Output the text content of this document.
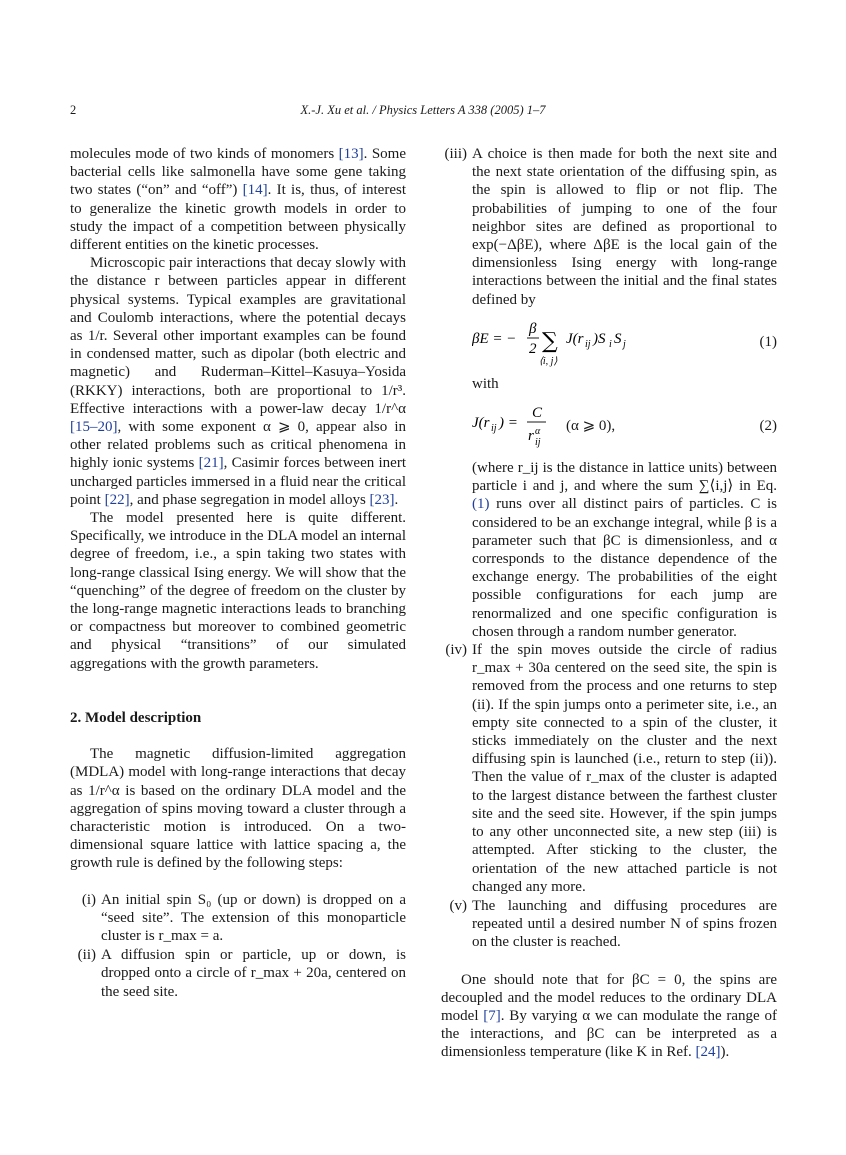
2	X.-J. Xu et al. / Physics Letters A 338 (2005) 1–7

molecules mode of two kinds of monomers [13]. Some bacterial cells like salmonella have some gene taking two states (“on” and “off”) [14]. It is, thus, of interest to generalize the kinetic growth models in order to study the impact of a competition between physically different entities on the kinetic processes.

Microscopic pair interactions that decay slowly with the distance r between particles appear in different physical systems. Typical examples are gravitational and Coulomb interactions, where the potential decays as 1/r. Several other important examples can be found in condensed matter, such as dipolar (both electric and magnetic) and Ruderman–Kittel–Kasuya–Yosida (RKKY) interactions, both are proportional to 1/r³. Effective interactions with a power-law decay 1/r^α [15–20], with some exponent α ⩾ 0, appear also in other related problems such as critical phenomena in highly ionic systems [21], Casimir forces between inert uncharged particles immersed in a fluid near the critical point [22], and phase segregation in model alloys [23].

The model presented here is quite different. Specifically, we introduce in the DLA model an internal degree of freedom, i.e., a spin taking two states with long-range classical Ising energy. We will show that the “quenching” of the degree of freedom on the cluster by the long-range magnetic interactions leads to branching or compactness but moreover to combined geometric and physical “transitions” of our simulated aggregations with the growth parameters.

2. Model description

The magnetic diffusion-limited aggregation (MDLA) model with long-range interactions that decay as 1/r^α is based on the ordinary DLA model and the aggregation of spins moving toward a cluster through a characteristic motion is introduced. On a two-dimensional square lattice with lattice spacing a, the growth rule is defined by the following steps:

(i) An initial spin S₀ (up or down) is dropped on a “seed site”. The extension of this monoparticle cluster is r_max = a.
(ii) A diffusion spin or particle, up or down, is dropped onto a circle of r_max + 20a, centered on the seed site.
(iii) A choice is then made for both the next site and the next state orientation of the diffusing spin, as the spin is allowed to flip or not flip. The probabilities of jumping to one of the four neighbor sites are defined as proportional to exp(−ΔβE), where ΔβE is the local gain of the dimensionless Ising energy with long-range interactions between the initial and the final states defined by
βE = −
β
2 ∑
⟨i, j⟩
J(r ij )S i S j	(1)

with

J(r ij ) =
C
r α
ij
(α ⩾ 0),	(2)

(where r_ij is the distance in lattice units) between particle i and j, and where the sum ∑⟨i,j⟩ in Eq. (1) runs over all distinct pairs of particles. C is considered to be an exchange integral, while β is a parameter such that βC is dimensionless, and α corresponds to the distance dependence of the exchange energy. The probabilities of the eight possible configurations for each jump are renormalized and one specific configuration is chosen through a random number generator.

(iv) If the spin moves outside the circle of radius r_max + 30a centered on the seed site, the spin is removed from the process and one returns to step (ii). If the spin jumps onto a perimeter site, i.e., an empty site connected to a spin of the cluster, it sticks immediately on the cluster and the next diffusing spin is launched (i.e., return to step (ii)). Then the value of r_max of the cluster is adapted to the largest distance between the farthest cluster site and the seed site. However, if the spin jumps to any other unconnected site, a new step (iii) is attempted. After sticking to the cluster, the orientation of the new attached particle is not changed any more.
(v) The launching and diffusing procedures are repeated until a desired number N of spins frozen on the cluster is reached.

One should note that for βC = 0, the spins are decoupled and the model reduces to the ordinary DLA model [7]. By varying α we can modulate the range of the interactions, and βC can be interpreted as a dimensionless temperature (like K in Ref. [24]).
